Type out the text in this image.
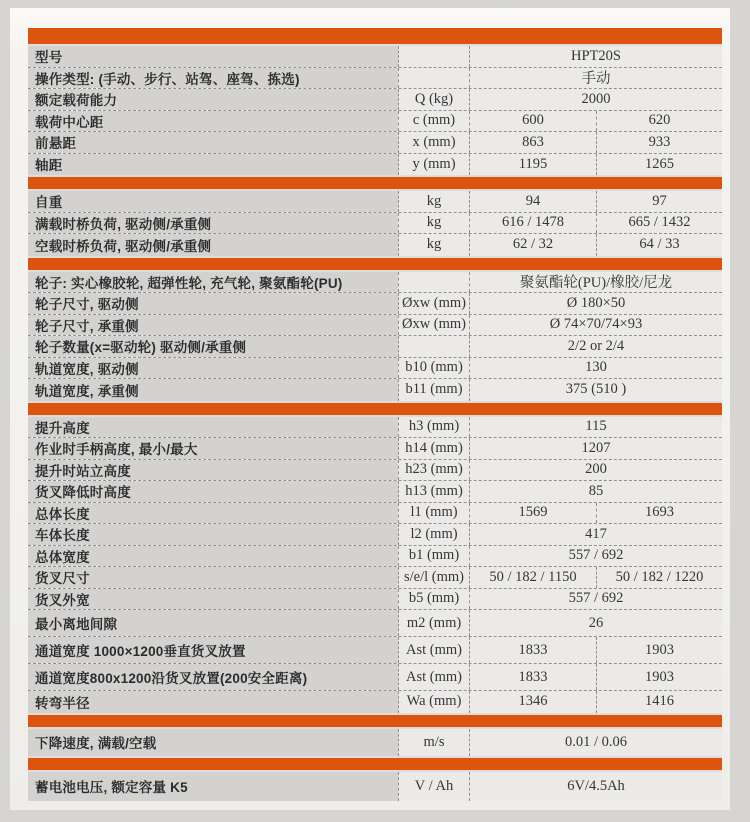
型号	HPT20S
操作类型: (手动、步行、站驾、座驾、拣选)	手动
额定载荷能力	Q (kg)	2000
载荷中心距	c (mm)	600	620
前悬距	x (mm)	863	933
轴距	y (mm)	1195	1265
自重	kg	94	97
满载时桥负荷, 驱动侧/承重侧	kg	616 / 1478	665 / 1432
空载时桥负荷, 驱动侧/承重侧	kg	62 / 32	64 / 33
轮子: 实心橡胶轮, 超弹性轮, 充气轮, 聚氨酯轮(PU)	聚氨酯轮(PU)/橡胶/尼龙
轮子尺寸, 驱动侧	Øxw (mm)	Ø 180×50
轮子尺寸, 承重侧	Øxw (mm)	Ø 74×70/74×93
轮子数量(x=驱动轮) 驱动侧/承重侧	2/2 or 2/4
轨道宽度, 驱动侧	b10 (mm)	130
轨道宽度, 承重侧	b11 (mm)	375 (510 )
提升高度	h3 (mm)	115
作业时手柄高度, 最小/最大	h14 (mm)	1207
提升时站立高度	h23 (mm)	200
货叉降低时高度	h13 (mm)	85
总体长度	l1 (mm)	1569	1693
车体长度	l2 (mm)	417
总体宽度	b1 (mm)	557 / 692
货叉尺寸	s/e/l (mm)	50 / 182 / 1150	50 / 182 / 1220
货叉外宽	b5 (mm)	557 / 692
最小离地间隙	m2 (mm)	26
通道宽度 1000×1200垂直货叉放置	Ast (mm)	1833	1903
通道宽度800x1200沿货叉放置(200安全距离)	Ast (mm)	1833	1903
转弯半径	Wa (mm)	1346	1416
下降速度, 满载/空载	m/s	0.01 / 0.06
蓄电池电压, 额定容量 K5	V / Ah	6V/4.5Ah
